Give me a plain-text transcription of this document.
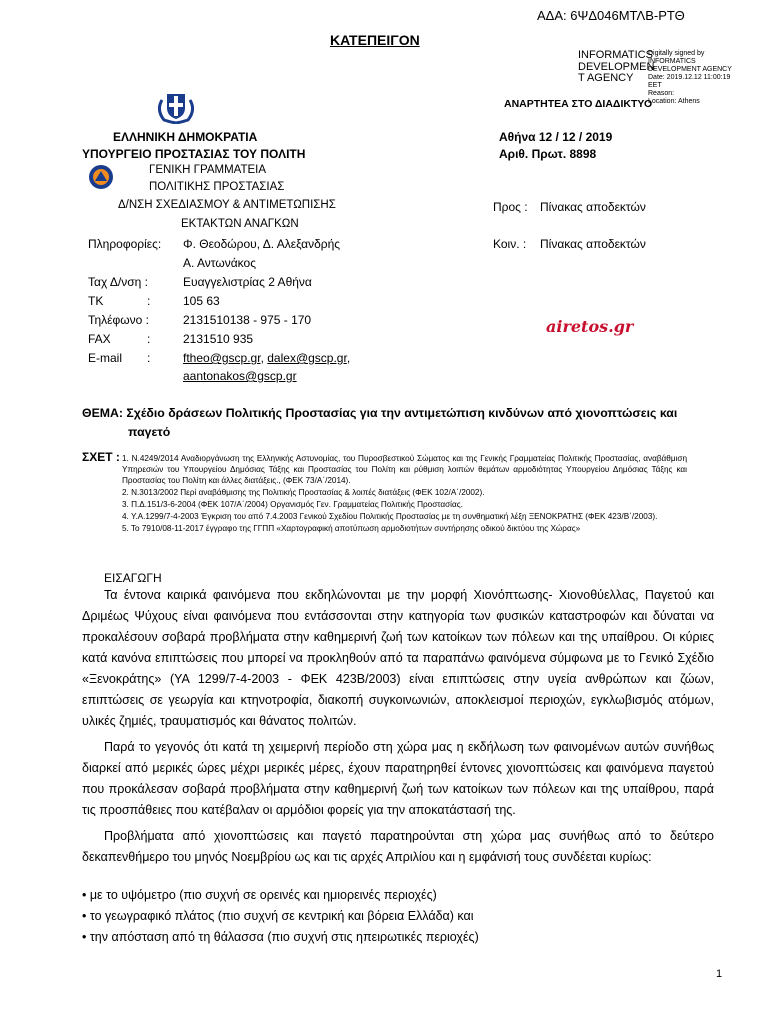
ΑΔΑ: 6ΨΔ046ΜΤΛΒ-ΡΤΘ
ΚΑΤΕΠΕΙΓΟΝ
INFORMATICS DEVELOPMEN T AGENCY
Digitally signed by
INFORMATICS
DEVELOPMENT AGENCY
Date: 2019.12.12 11:00:19
EET
Reason:
Location: Athens
ΑΝΑΡΤΗΤΕΑ ΣΤΟ ΔΙΑΔΙΚΤΥΟ
ΕΛΛΗΝΙΚΗ ΔΗΜΟΚΡΑΤΙΑ
ΥΠΟΥΡΓΕΙΟ ΠΡΟΣΤΑΣΙΑΣ ΤΟΥ ΠΟΛΙΤΗ
ΓΕΝΙΚΗ ΓΡΑΜΜΑΤΕΙΑ
ΠΟΛΙΤΙΚΗΣ ΠΡΟΣΤΑΣΙΑΣ
Δ/ΝΣΗ ΣΧΕΔΙΑΣΜΟΥ & ΑΝΤΙΜΕΤΩΠΙΣΗΣ
ΕΚΤΑΚΤΩΝ ΑΝΑΓΚΩΝ
Αθήνα 12 / 12 / 2019
Αριθ. Πρωτ. 8898
Προς : Πίνακας αποδεκτών
Κοιν. : Πίνακας αποδεκτών
Πληροφορίες: Φ. Θεοδώρου, Δ. Αλεξανδρής
Α. Αντωνάκος
Ταχ Δ/νση :	Ευαγγελιστρίας 2 Αθήνα
ΤΚ	:	105 63
Τηλέφωνο :	2131510138 - 975 - 170
FAX	:	2131510 935
E-mail :	ftheo@gscp.gr, dalex@gscp.gr,
aantonakos@gscp.gr
airetos.gr
ΘΕΜΑ: Σχέδιο δράσεων Πολιτικής Προστασίας για την αντιμετώπιση κινδύνων από χιονοπτώσεις και
παγετό
ΣΧΕΤ : 1. Ν.4249/2014 Αναδιοργάνωση της Ελληνικής Αστυνομίας, του Πυροσβεστικού Σώματος και της Γενικής Γραμματείας Πολιτικής Προστασίας, αναβάθμιση Υπηρεσιών του Υπουργείου Δημόσιας Τάξης και Προστασίας του Πολίτη και ρύθμιση λοιπών θεμάτων αρμοδιότητας Υπουργείου Δημόσιας Τάξης και Προστασίας του Πολίτη και άλλες διατάξεις., (ΦΕΚ 73/Α΄/2014).
2. Ν.3013/2002 Περί αναβάθμισης της Πολιτικής Προστασίας & λοιπές διατάξεις (ΦΕΚ 102/Α΄/2002).
3. Π.Δ.151/3-6-2004 (ΦΕΚ 107/Α΄/2004) Οργανισμός Γεν. Γραμματείας Πολιτικής Προστασίας.
4. Υ.Α.1299/7-4-2003 Έγκριση του από 7.4.2003 Γενικού Σχεδίου Πολιτικής Προστασίας με τη συνθηματική λέξη ΞΕΝΟΚΡΑΤΗΣ (ΦΕΚ 423/Β΄/2003).
5. Το 7910/08-11-2017 έγγραφο της ΓΓΠΠ «Χαρτογραφική αποτύπωση αρμοδιοτήτων συντήρησης οδικού δικτύου της Χώρας»
ΕΙΣΑΓΩΓΗ
Τα έντονα καιρικά φαινόμενα που εκδηλώνονται με την μορφή Χιονόπτωσης- Χιονοθύελλας, Παγετού και Δριμέως Ψύχους είναι φαινόμενα που εντάσσονται στην κατηγορία των φυσικών καταστροφών και δύναται να προκαλέσουν σοβαρά προβλήματα στην καθημερινή ζωή των κατοίκων των πόλεων και της υπαίθρου. Οι κύριες κατά κανόνα επιπτώσεις που μπορεί να προκληθούν από τα παραπάνω φαινόμενα σύμφωνα με το Γενικό Σχέδιο «Ξενοκράτης» (ΥΑ 1299/7-4-2003 - ΦΕΚ 423Β/2003) είναι επιπτώσεις στην υγεία ανθρώπων και ζώων, επιπτώσεις σε γεωργία και κτηνοτροφία, διακοπή συγκοινωνιών, αποκλεισμοί περιοχών, εγκλωβισμός ατόμων, υλικές ζημιές, τραυματισμός και θάνατος πολιτών.
Παρά το γεγονός ότι κατά τη χειμερινή περίοδο στη χώρα μας η εκδήλωση των φαινομένων αυτών συνήθως διαρκεί από μερικές ώρες μέχρι μερικές μέρες, έχουν παρατηρηθεί έντονες χιονοπτώσεις και φαινόμενα παγετού που προκάλεσαν σοβαρά προβλήματα στην καθημερινή ζωή των κατοίκων των πόλεων και της υπαίθρου, παρά τις προσπάθειες που κατέβαλαν οι αρμόδιοι φορείς για την αποκατάστασή της.
Προβλήματα από χιονοπτώσεις και παγετό παρατηρούνται στη χώρα μας συνήθως από το δεύτερο δεκαπενθήμερο του μηνός Νοεμβρίου ως και τις αρχές Απριλίου και η εμφάνισή τους συνδέεται κυρίως:
• με το υψόμετρο (πιο συχνή σε ορεινές και ημιορεινές περιοχές)
• το γεωγραφικό πλάτος (πιο συχνή σε κεντρική και βόρεια Ελλάδα) και
• την απόσταση από τη θάλασσα (πιο συχνή στις ηπειρωτικές περιοχές)
1
